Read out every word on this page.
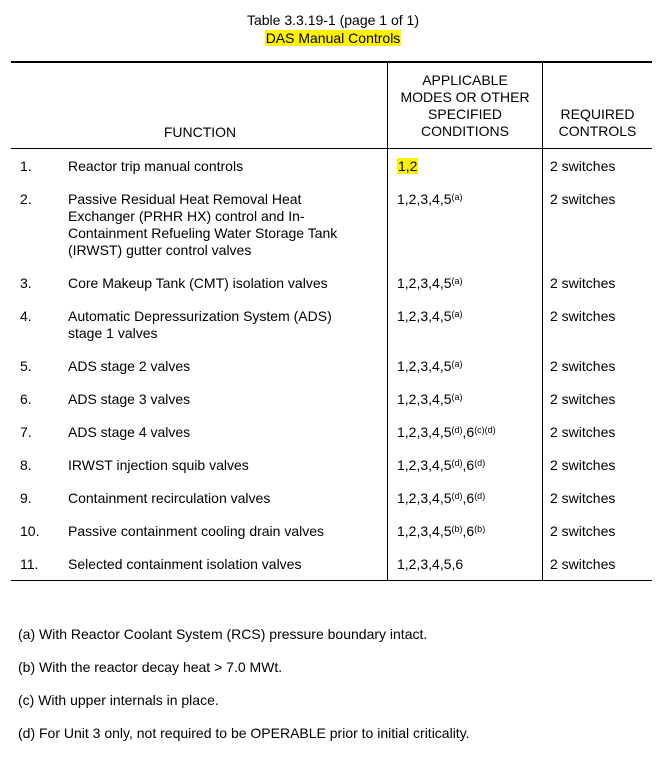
Table 3.3.19-1 (page 1 of 1)
DAS Manual Controls
FUNCTION
APPLICABLE
MODES OR OTHER
SPECIFIED
CONDITIONS
REQUIRED
CONTROLS
1.	Reactor trip manual controls	1,2	2 switches
2.	Passive Residual Heat Removal Heat
Exchanger (PRHR HX) control and In-
Containment Refueling Water Storage Tank
(IRWST) gutter control valves
1,2,3,4,5$^{(a)}$	2 switches
3.	Core Makeup Tank (CMT) isolation valves	1,2,3,4,5$^{(a)}$	2 switches
4.	Automatic Depressurization System (ADS)
stage 1 valves
1,2,3,4,5$^{(a)}$	2 switches
5.	ADS stage 2 valves	1,2,3,4,5$^{(a)}$	2 switches
6.	ADS stage 3 valves	1,2,3,4,5$^{(a)}$	2 switches
7.	ADS stage 4 valves	$1,2,3,4,5^{(d)},6^{(c)(d)}$	2 switches
8.	IRWST injection squib valves	1,2,3,4,5$^{(d)}$,6$^{(d)}$	2 switches
9.	Containment recirculation valves	1,2,3,4,5$^{(d)}$,6$^{(d)}$	2 switches
10. Passive containment cooling drain valves	1,2,3,4,5$^{(b)}$,6$^{(b)}$	2 switches
11. Selected containment isolation valves	1,2,3,4,5,6	2 switches
(a) With Reactor Coolant System (RCS) pressure boundary intact.
(b) With the reactor decay heat > 7.0 MWt.
(c) With upper internals in place.
(d) For Unit 3 only, not required to be OPERABLE prior to initial criticality.
